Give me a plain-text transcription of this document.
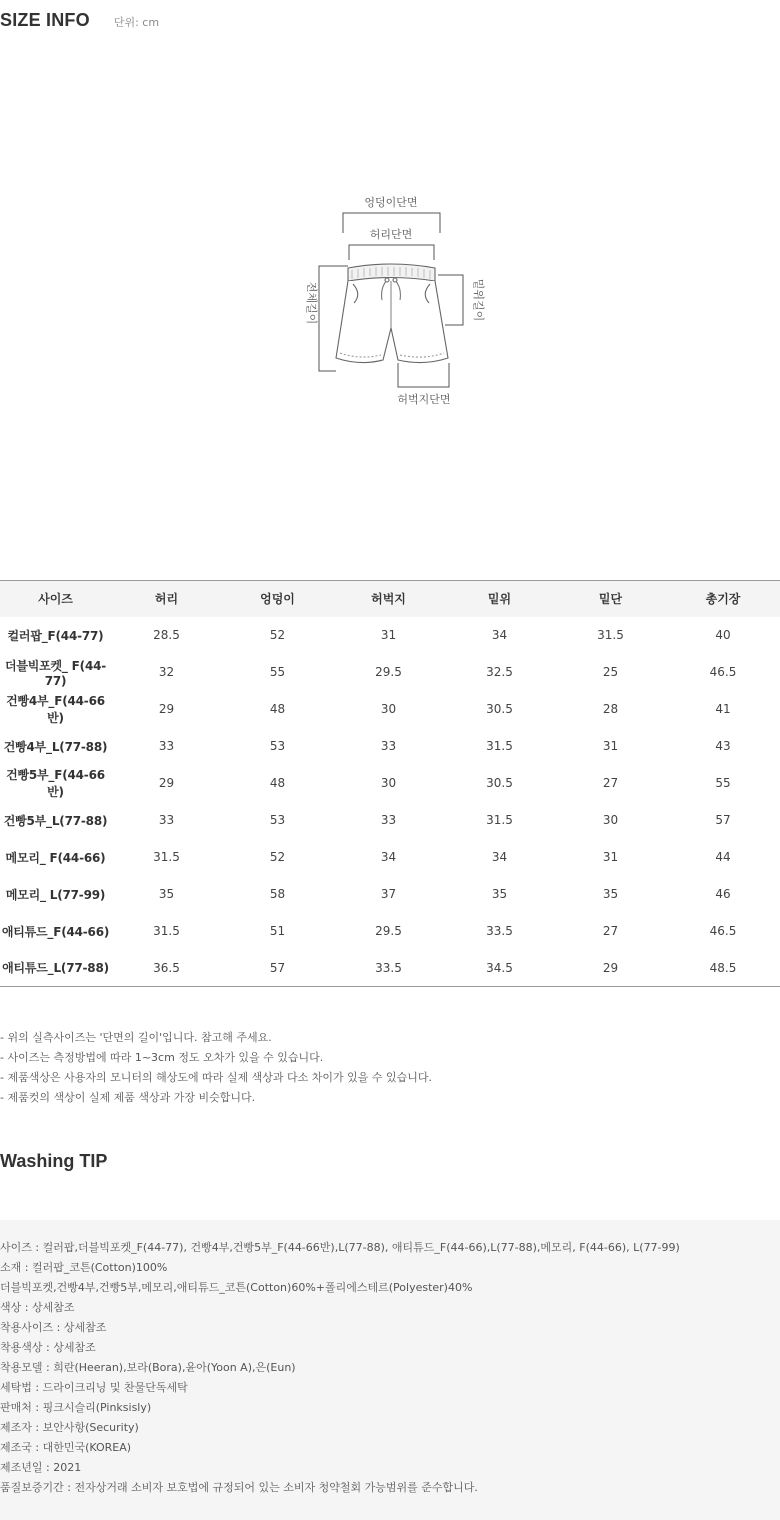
SIZE INFO 단위: cm
엉덩이단면
허리단면
전체길이	밑위길이
허벅지단면
사이즈	허리	엉덩이	허벅지	밑위	밑단	총기장
컬러팝_F(44-77)	28.5	52	31	34	31.5	40
더블빅포켓_ F(44-77)	32	55	29.5	32.5	25	46.5
건빵4부_F(44-66반)	29	48	30	30.5	28	41
건빵4부_L(77-88)	33	53	33	31.5	31	43
건빵5부_F(44-66반)	29	48	30	30.5	27	55
건빵5부_L(77-88)	33	53	33	31.5	30	57
메모리_ F(44-66)	31.5	52	34	34	31	44
메모리_ L(77-99)	35	58	37	35	35	46
애티튜드_F(44-66)	31.5	51	29.5	33.5	27	46.5
애티튜드_L(77-88)	36.5	57	33.5	34.5	29	48.5

- 위의 실측사이즈는 '단면의 길이'입니다. 참고해 주세요.

- 사이즈는 측정방법에 따라 1~3cm 정도 오차가 있을 수 있습니다.

- 제품색상은 사용자의 모니터의 해상도에 따라 실제 색상과 다소 차이가 있을 수 있습니다.

- 제품컷의 색상이 실제 제품 색상과 가장 비슷합니다.

Washing TIP

사이즈 : 컬러팝,더블빅포켓_F(44-77), 건빵4부,건빵5부_F(44-66반),L(77-88), 애티튜드_F(44-66),L(77-88),메모리, F(44-66), L(77-99)

소재 : 컬러팝_코튼(Cotton)100%

더블빅포켓,건빵4부,건빵5부,메모리,애티튜드_코튼(Cotton)60%+폴리에스테르(Polyester)40%

색상 : 상세참조

착용사이즈 : 상세참조

착용색상 : 상세참조

착용모델 : 희란(Heeran),보라(Bora),윤아(Yoon A),은(Eun)

세탁법 : 드라이크리닝 및 찬물단독세탁

판매처 : 핑크시슬리(Pinksisly)

제조자 : 보안사항(Security)

제조국 : 대한민국(KOREA)

제조년일 : 2021

품질보증기간 : 전자상거래 소비자 보호법에 규정되어 있는 소비자 청약철회 가능범위를 준수합니다.
